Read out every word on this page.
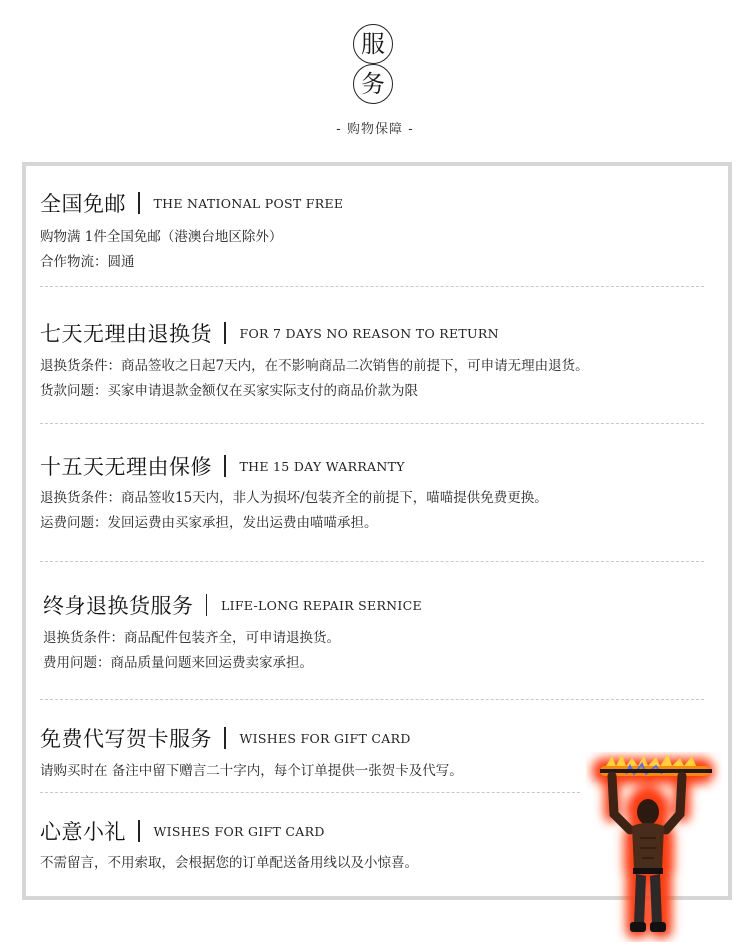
服
务
- 购物保障 -
全国免邮 THE NATIONAL POST FREE
购物满 1件全国免邮（港澳台地区除外）
合作物流：圆通
七天无理由退换货 FOR 7 DAYS NO REASON TO RETURN
退换货条件：商品签收之日起7天内，在不影响商品二次销售的前提下，可申请无理由退货。
货款问题：买家申请退款金额仅在买家实际支付的商品价款为限
十五天无理由保修 THE 15 DAY WARRANTY
退换货条件：商品签收15天内，非人为损坏/包装齐全的前提下，喵喵提供免费更换。
运费问题：发回运费由买家承担，发出运费由喵喵承担。
终身退换货服务 LIFE-LONG REPAIR SERNICE
退换货条件：商品配件包装齐全，可申请退换货。
费用问题：商品质量问题来回运费卖家承担。
免费代写贺卡服务 WISHES FOR GIFT CARD
请购买时在 备注中留下赠言二十字内，每个订单提供一张贺卡及代写。
心意小礼 WISHES FOR GIFT CARD
不需留言，不用索取，会根据您的订单配送备用线以及小惊喜。
